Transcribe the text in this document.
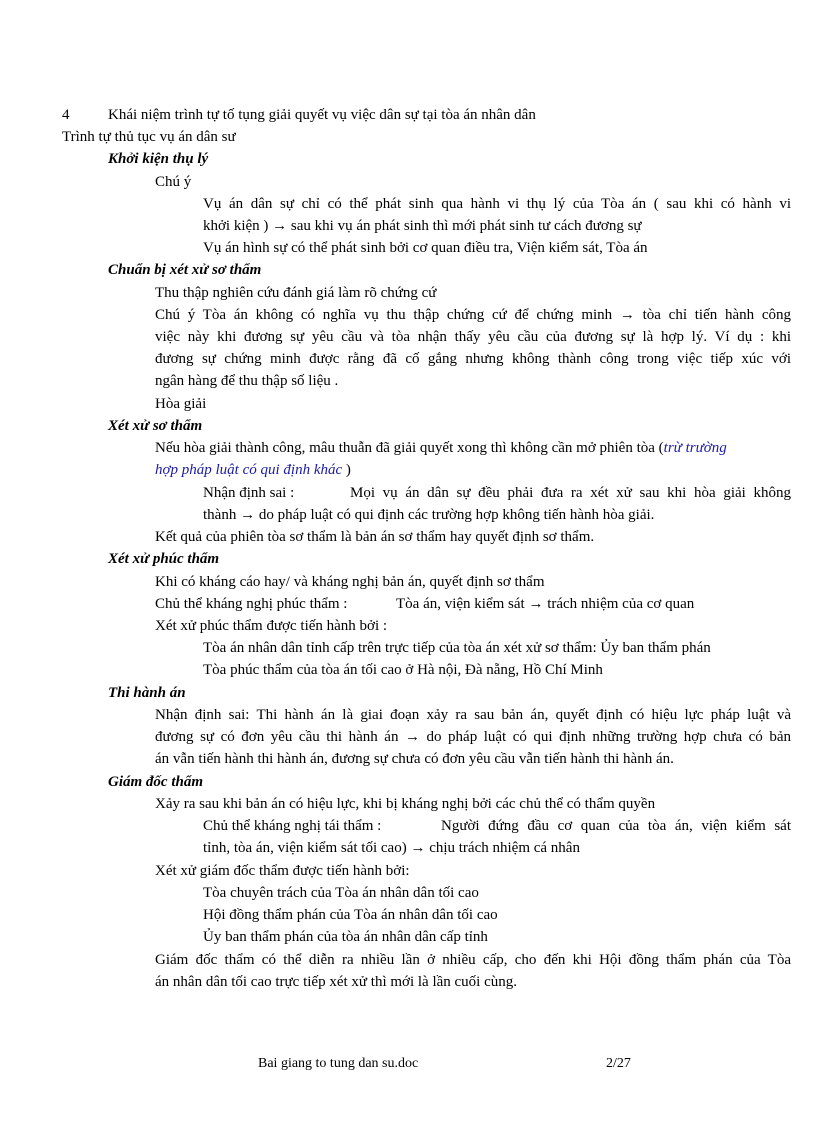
4	Khái niệm trình tự tố tụng giải quyết vụ việc dân sự tại tòa án nhân dân
Trình tự thủ tục vụ án dân sư
Khởi kiện thụ lý
Chú ý
Vụ án dân sự chỉ có thể phát sinh qua hành vi thụ lý của Tòa án ( sau khi có hành vi
khởi kiện ) → sau khi vụ án phát sinh thì mới phát sinh tư cách đương sự
Vụ án hình sự có thể phát sinh bởi cơ quan điều tra, Viện kiểm sát, Tòa án
Chuẩn bị xét xử sơ thẩm
Thu thập nghiên cứu đánh giá làm rõ chứng cứ
Chú ý Tòa án không có nghĩa vụ thu thập chứng cứ để chứng minh → tòa chỉ tiến hành công
việc này khi đương sự yêu cầu và tòa nhận thấy yêu cầu của đương sự là hợp lý. Ví dụ : khi
đương sự chứng minh được rằng đã cố gắng nhưng không thành công trong việc tiếp xúc với
ngân hàng để thu thập số liệu .
Hòa giải
Xét xử sơ thẩm
Nếu hòa giải thành công, mâu thuẫn đã giải quyết xong thì không cần mở phiên tòa (trừ trường
hợp pháp luật có qui định khác )
Nhận định sai :	Mọi vụ án dân sự đều phải đưa ra xét xử sau khi hòa giải không
thành → do pháp luật có qui định các trường hợp không tiến hành hòa giải.
Kết quả của phiên tòa sơ thẩm là bản án sơ thẩm hay quyết định sơ thẩm.
Xét xử phúc thẩm
Khi có kháng cáo hay/ và kháng nghị bản án, quyết định sơ thẩm
Chủ thể kháng nghị phúc thẩm :	Tòa án, viện kiểm sát → trách nhiệm của cơ quan
Xét xử phúc thẩm được tiến hành bởi :
Tòa án nhân dân tỉnh cấp trên trực tiếp của tòa án xét xử sơ thẩm: Ủy ban thẩm phán
Tòa phúc thẩm của tòa án tối cao ở Hà nội, Đà nẵng, Hồ Chí Minh
Thi hành án
Nhận định sai: Thi hành án là giai đoạn xảy ra sau bản án, quyết định có hiệu lực pháp luật và
đương sự có đơn yêu cầu thi hành án → do pháp luật có qui định những trường hợp chưa có bản
án vẫn tiến hành thi hành án, đương sự chưa có đơn yêu cầu vẫn tiến hành thi hành án.
Giám đốc thẩm
Xảy ra sau khi bản án có hiệu lực, khi bị kháng nghị bởi các chủ thể có thẩm quyền
Chủ thể kháng nghị tái thẩm :	Người đứng đầu cơ quan của tòa án, viện kiểm sát
tỉnh, tòa án, viện kiểm sát tối cao) → chịu trách nhiệm cá nhân
Xét xử giám đốc thẩm được tiến hành bởi:
Tòa chuyên trách của Tòa án nhân dân tối cao
Hội đồng thẩm phán của Tòa án nhân dân tối cao
Ủy ban thẩm phán của tòa án nhân dân cấp tỉnh
Giám đốc thẩm có thể diễn ra nhiều lần ở nhiều cấp, cho đến khi Hội đồng thẩm phán của Tòa
án nhân dân tối cao trực tiếp xét xử thì mới là lần cuối cùng.
Bai giang to tung dan su.doc	2/27
